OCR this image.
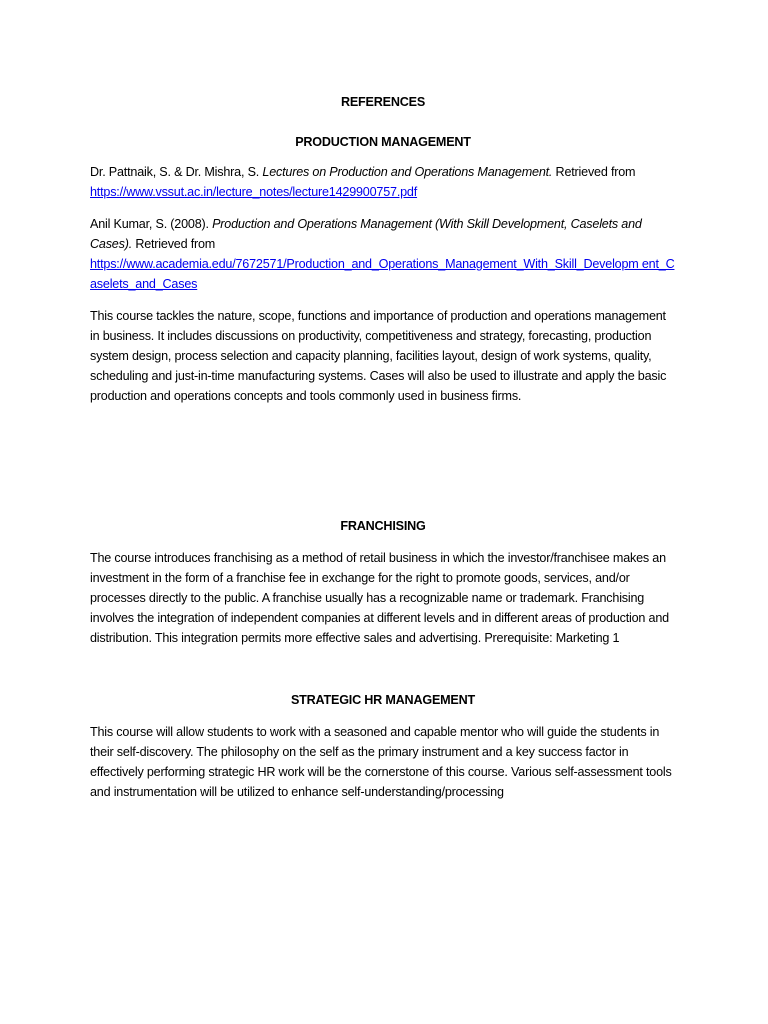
REFERENCES

PRODUCTION MANAGEMENT

Dr. Pattnaik, S. & Dr. Mishra, S. Lectures on Production and Operations Management. Retrieved from
https://www.vssut.ac.in/lecture_notes/lecture1429900757.pdf
Anil Kumar, S. (2008). Production and Operations Management (With Skill Development, Caselets and Cases). Retrieved from
https://www.academia.edu/7672571/Production_and_Operations_Management_With_Skill_Developm ent_Caselets_and_Cases

This course tackles the nature, scope, functions and importance of production and operations management in business. It includes discussions on productivity, competitiveness and strategy, forecasting, production system design, process selection and capacity planning, facilities layout, design of work systems, quality, scheduling and just-in-time manufacturing systems. Cases will also be used to illustrate and apply the basic production and operations concepts and tools commonly used in business firms.

FRANCHISING

The course introduces franchising as a method of retail business in which the investor/franchisee makes an investment in the form of a franchise fee in exchange for the right to promote goods, services, and/or processes directly to the public. A franchise usually has a recognizable name or trademark. Franchising involves the integration of independent companies at different levels and in different areas of production and distribution. This integration permits more effective sales and advertising. Prerequisite: Marketing 1

STRATEGIC HR MANAGEMENT

This course will allow students to work with a seasoned and capable mentor who will guide the students in their self-discovery. The philosophy on the self as the primary instrument and a key success factor in effectively performing strategic HR work will be the cornerstone of this course. Various self-assessment tools and instrumentation will be utilized to enhance self-understanding/processing
